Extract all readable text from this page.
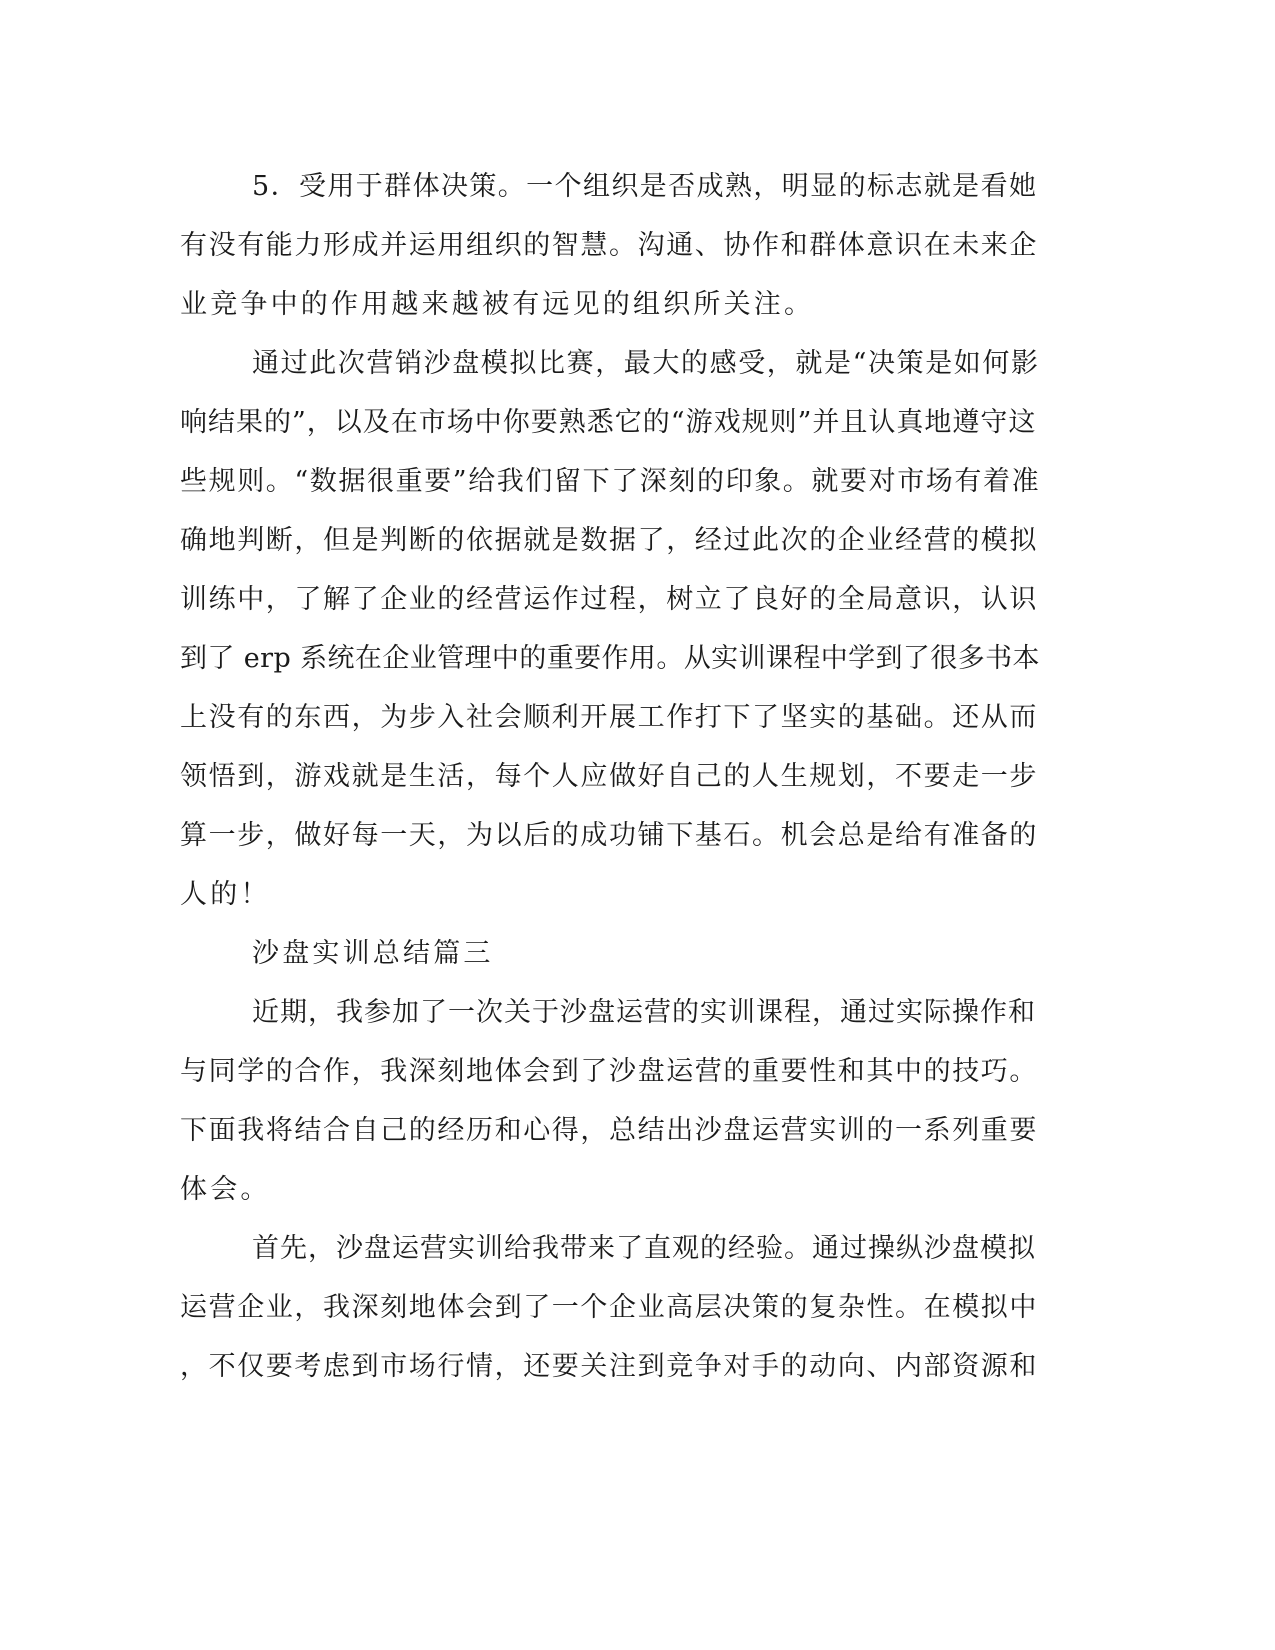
5．受用于群体决策。一个组织是否成熟，明显的标志就是看她
有没有能力形成并运用组织的智慧。沟通、协作和群体意识在未来企
业竞争中的作用越来越被有远见的组织所关注。
通过此次营销沙盘模拟比赛，最大的感受，就是“决策是如何影
响结果的”，以及在市场中你要熟悉它的“游戏规则”并且认真地遵守这
些规则。“数据很重要”给我们留下了深刻的印象。就要对市场有着准
确地判断，但是判断的依据就是数据了，经过此次的企业经营的模拟
训练中，了解了企业的经营运作过程，树立了良好的全局意识，认识
到了 erp 系统在企业管理中的重要作用。从实训课程中学到了很多书本
上没有的东西，为步入社会顺利开展工作打下了坚实的基础。还从而
领悟到，游戏就是生活，每个人应做好自己的人生规划，不要走一步
算一步，做好每一天，为以后的成功铺下基石。机会总是给有准备的
人的！
沙盘实训总结篇三
近期，我参加了一次关于沙盘运营的实训课程，通过实际操作和
与同学的合作，我深刻地体会到了沙盘运营的重要性和其中的技巧。
下面我将结合自己的经历和心得，总结出沙盘运营实训的一系列重要
体会。
首先，沙盘运营实训给我带来了直观的经验。通过操纵沙盘模拟
运营企业，我深刻地体会到了一个企业高层决策的复杂性。在模拟中
，不仅要考虑到市场行情，还要关注到竞争对手的动向、内部资源和
